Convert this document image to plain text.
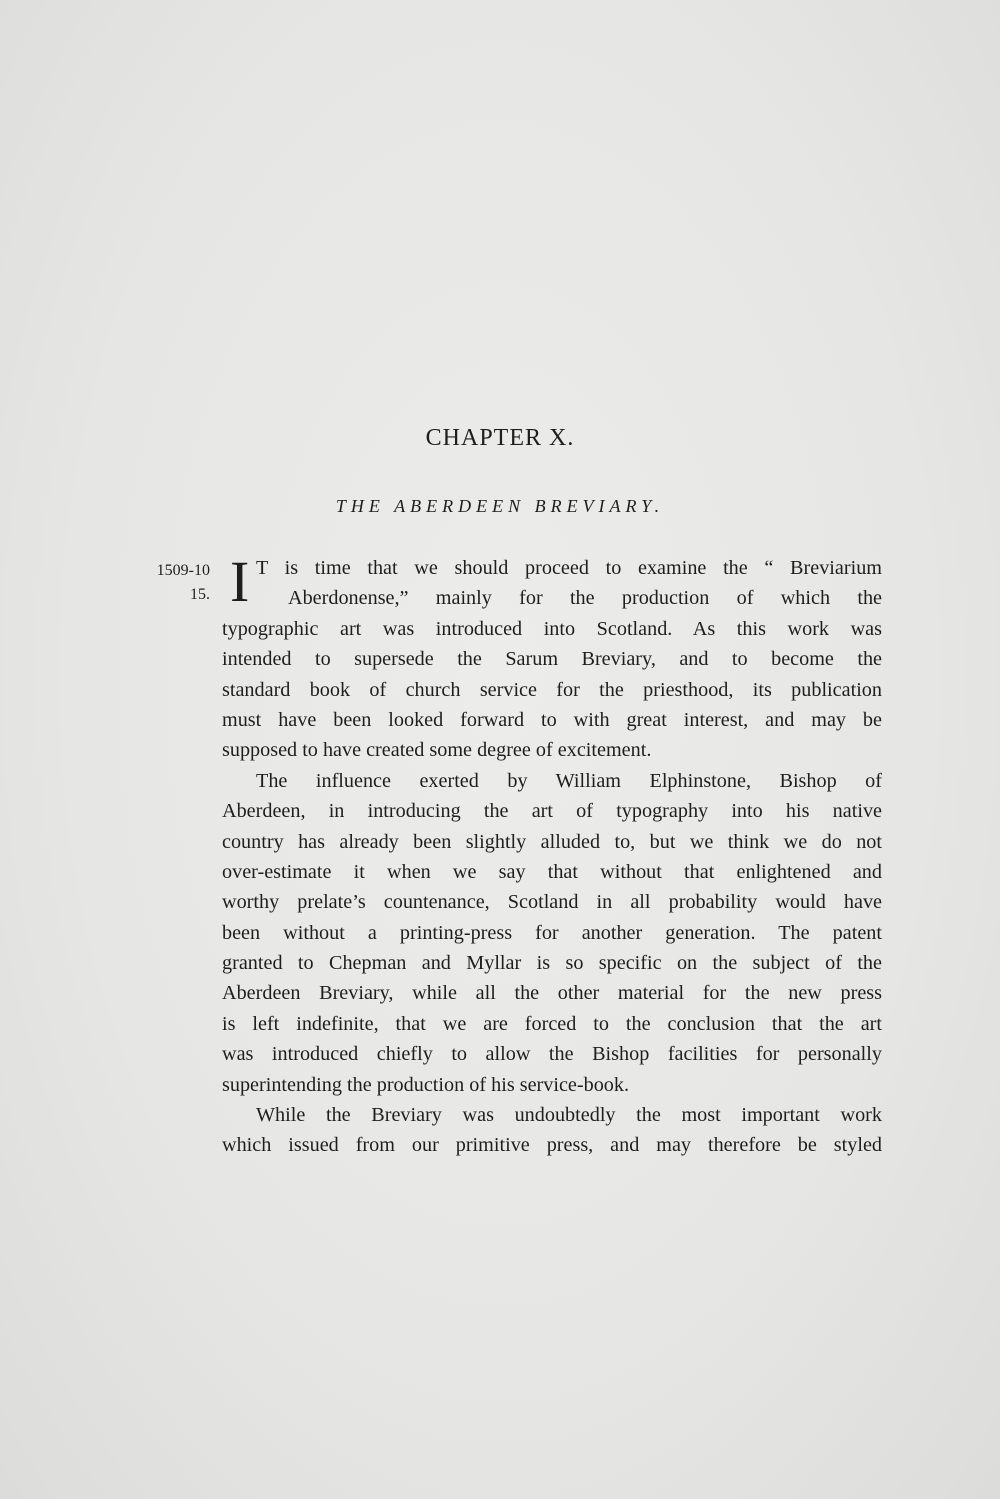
CHAPTER X.
THE ABERDEEN BREVIARY.
1509-10
15. I T is time that we should proceed to examine the “ Breviarium
Aberdonense,” mainly for the production of which the
typographic art was introduced into Scotland. As this work was
intended to supersede the Sarum Breviary, and to become the
standard book of church service for the priesthood, its publication
must have been looked forward to with great interest, and may be
supposed to have created some degree of excitement.
The influence exerted by William Elphinstone, Bishop of
Aberdeen, in introducing the art of typography into his native
country has already been slightly alluded to, but we think we do not
over-estimate it when we say that without that enlightened and
worthy prelate’s countenance, Scotland in all probability would have
been without a printing-press for another generation. The patent
granted to Chepman and Myllar is so specific on the subject of the
Aberdeen Breviary, while all the other material for the new press
is left indefinite, that we are forced to the conclusion that the art
was introduced chiefly to allow the Bishop facilities for personally
superintending the production of his service-book.
While the Breviary was undoubtedly the most important work
which issued from our primitive press, and may therefore be styled
